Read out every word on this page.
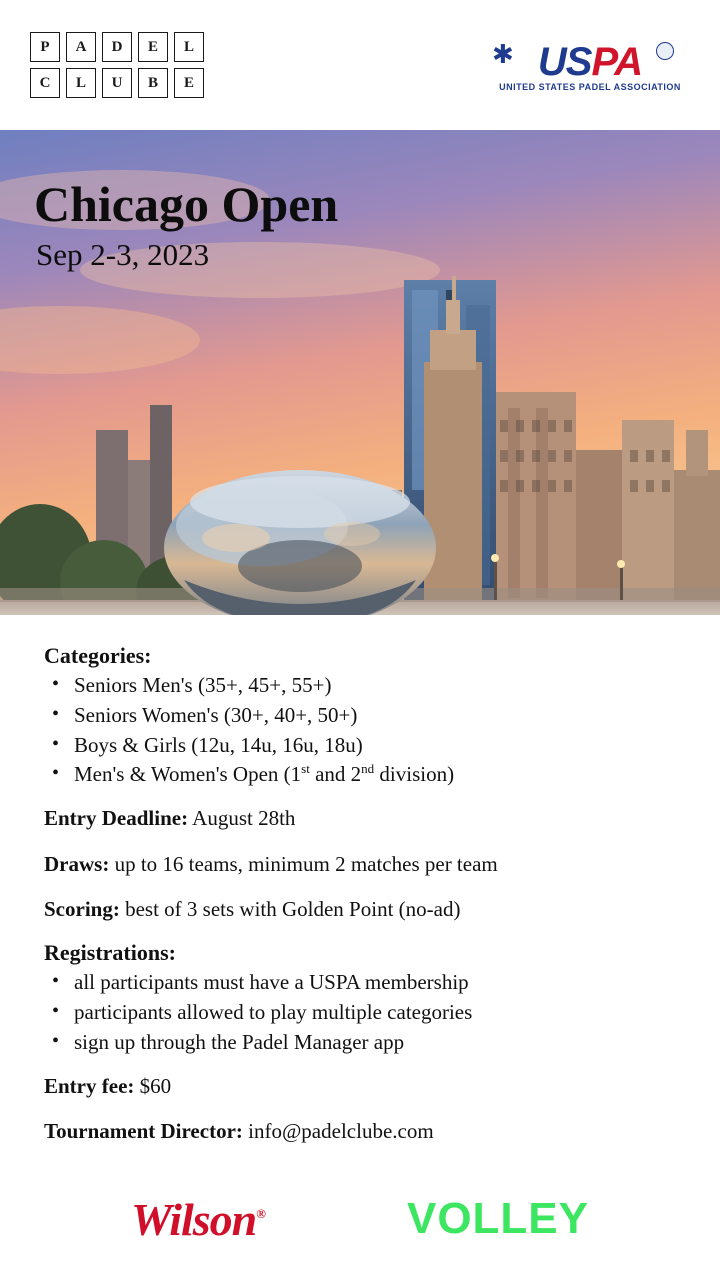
P	A	D	E	L
C	L	U	B	E
✱ US PA
UNITED STATES PADEL ASSOCIATION
Chicago Open
Sep 2-3, 2023
Categories:
• Seniors Men's (35+, 45+, 55+)
• Seniors Women's (30+, 40+, 50+)
• Boys & Girls (12u, 14u, 16u, 18u)
• Men's & Women's Open (1st and 2nd division)

Entry Deadline: August 28th

Draws: up to 16 teams, minimum 2 matches per team

Scoring: best of 3 sets with Golden Point (no-ad)

Registrations:
• all participants must have a USPA membership
• participants allowed to play multiple categories
• sign up through the Padel Manager app

Entry fee: $60

Tournament Director: info@padelclube.com

Wilson ®	VOLLEY
